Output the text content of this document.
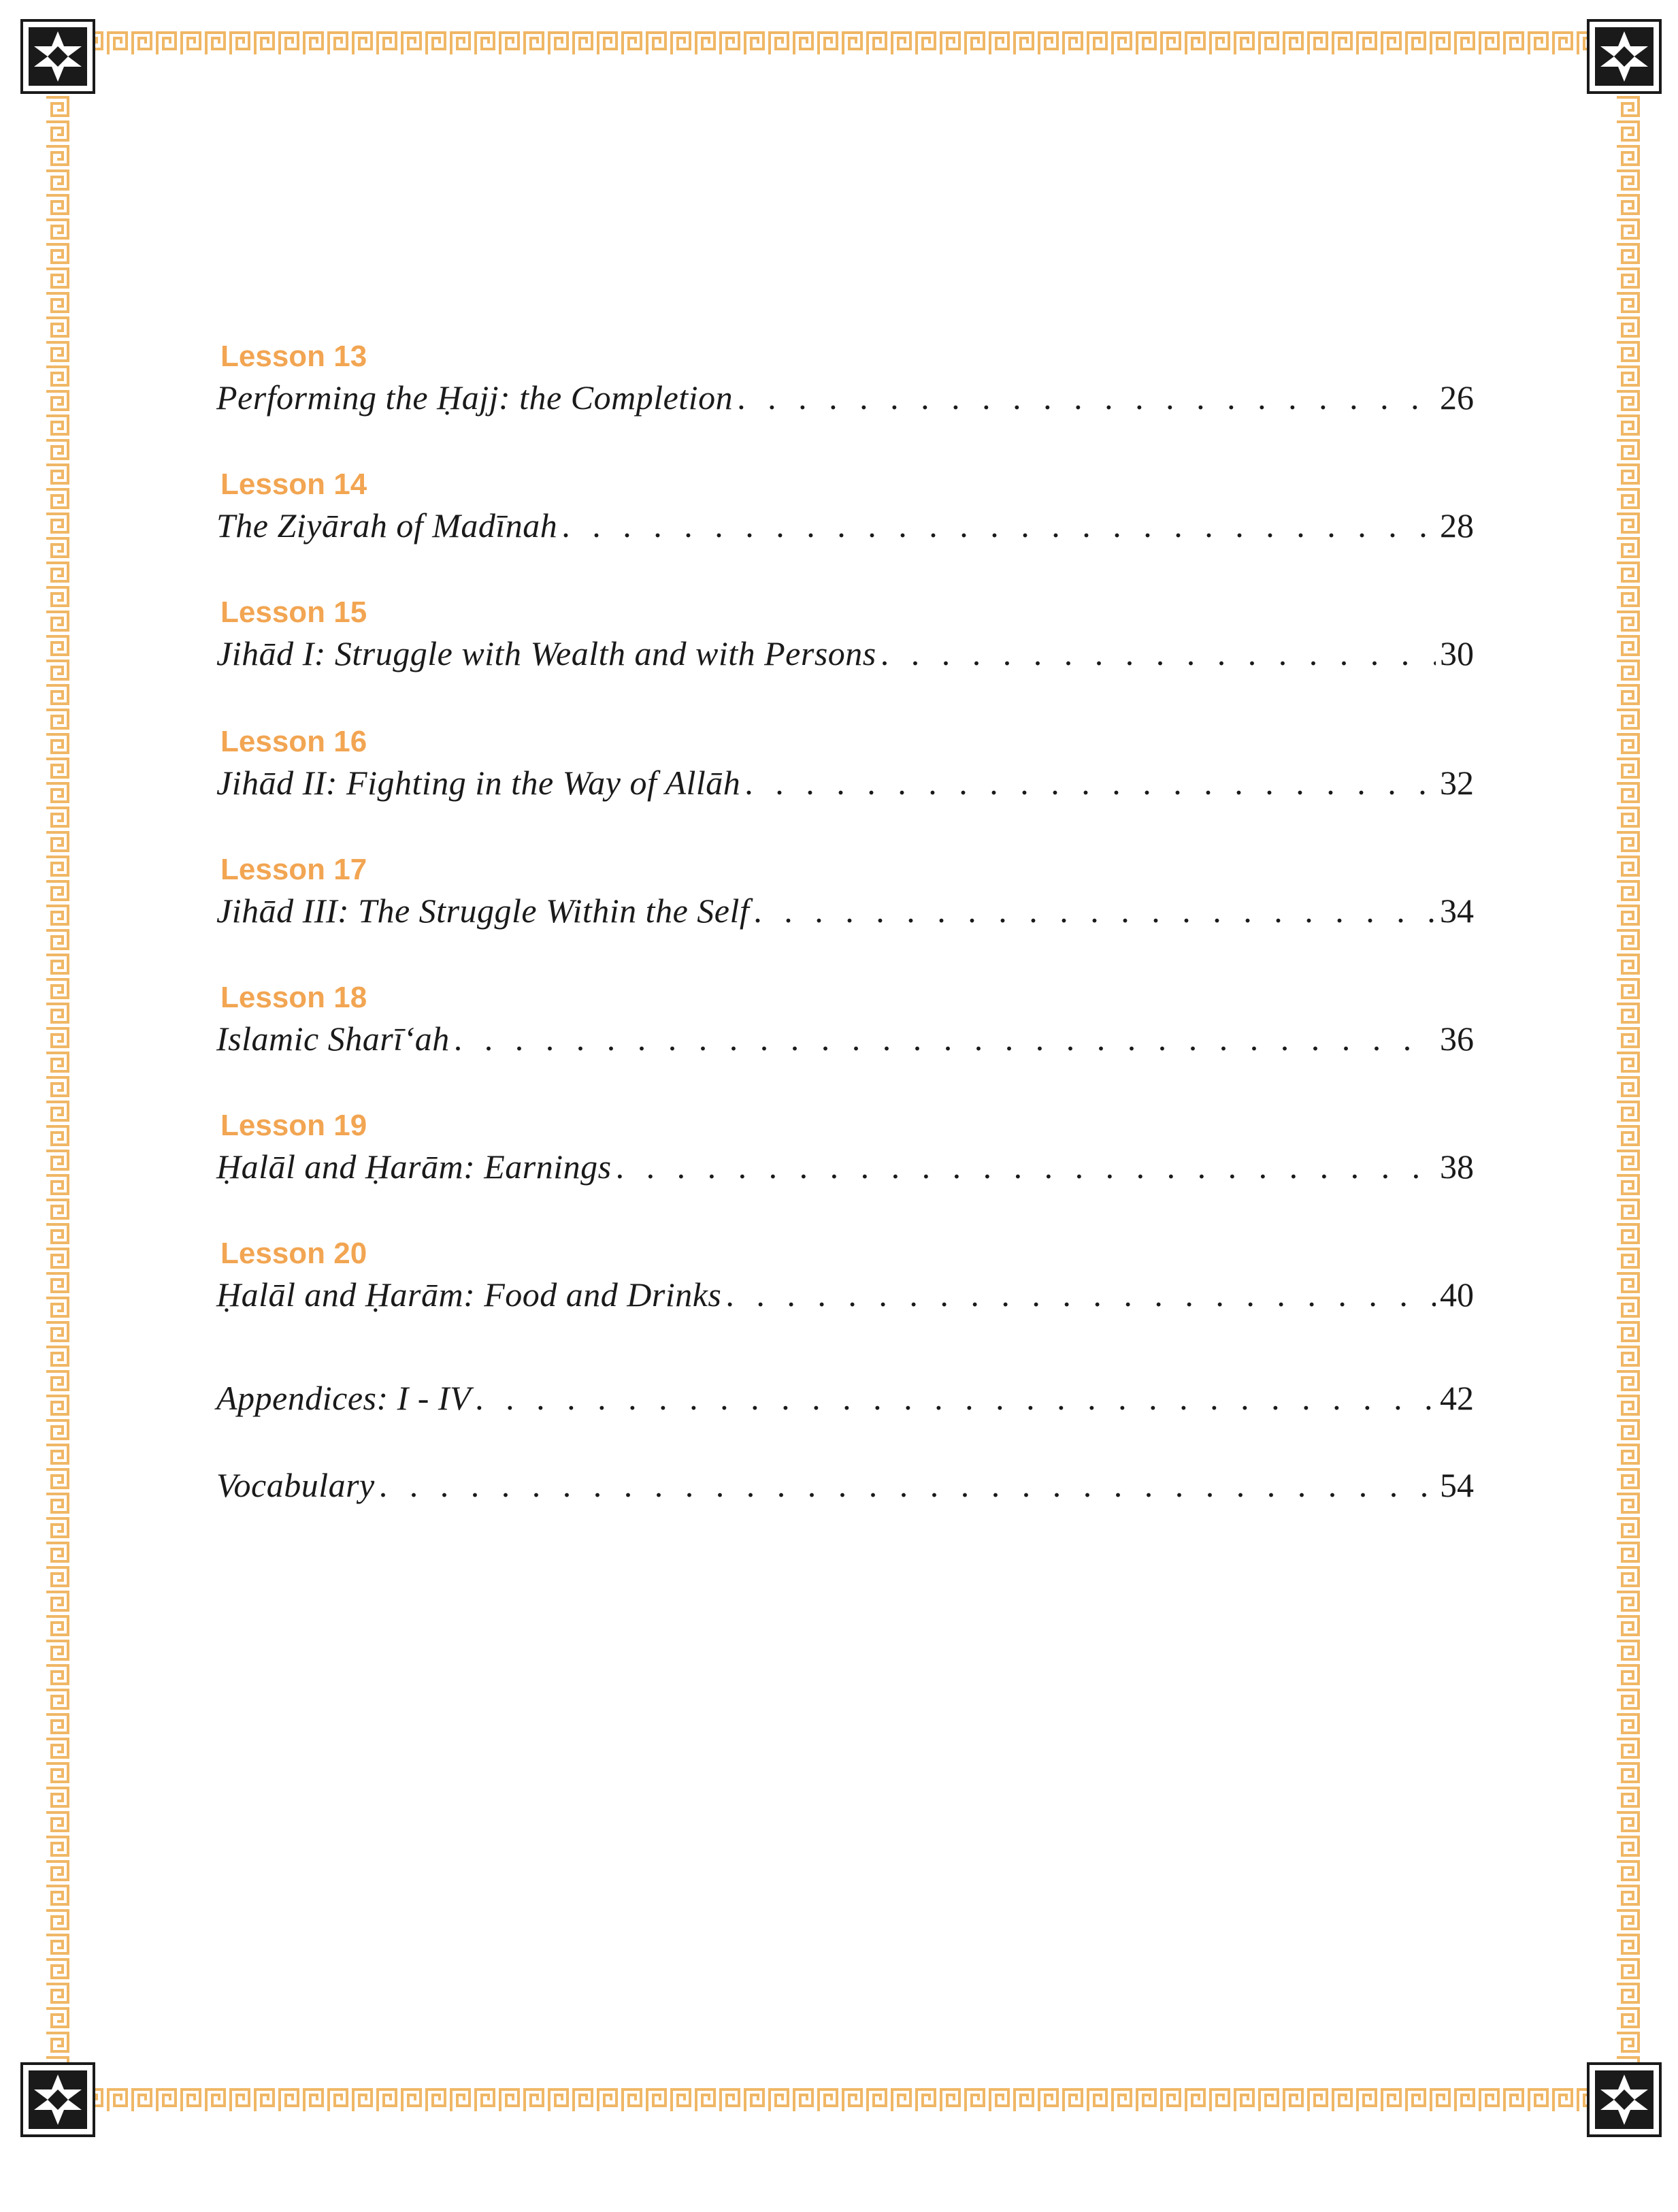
Lesson 13
Performing the Ḥajj: the Completion . . .	26
Lesson 14
The Ziyārah of Madīnah . . .	28
Lesson 15
Jihād I: Struggle with Wealth and with Persons . . .	30
Lesson 16
Jihād II: Fighting in the Way of Allāh . . .	32
Lesson 17
Jihād III: The Struggle Within the Self . . .	34
Lesson 18
Islamic Sharī‘ah . . .	36
Lesson 19
Ḥalāl and Ḥarām: Earnings . . .	38
Lesson 20
Ḥalāl and Ḥarām: Food and Drinks . . .	40
Appendices: I - IV . . .	42
Vocabulary . . .	54
